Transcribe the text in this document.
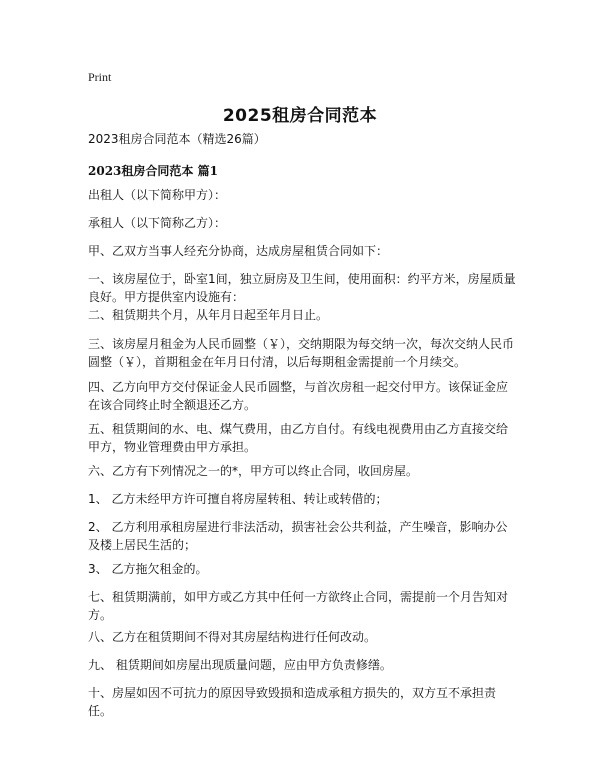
Print
2025租房合同范本
2023租房合同范本（精选26篇）
2023租房合同范本 篇1
出租人（以下简称甲方）：
承租人（以下简称乙方）：
甲、乙双方当事人经充分协商，达成房屋租赁合同如下：
一、该房屋位于，卧室1间，独立厨房及卫生间，使用面积：约平方米，房屋质量良好。甲方提供室内设施有：
二、租赁期共个月，从年月日起至年月日止。
三、该房屋月租金为人民币圆整（￥），交纳期限为每交纳一次，每次交纳人民币圆整（￥），首期租金在年月日付清，以后每期租金需提前一个月续交。
四、乙方向甲方交付保证金人民币圆整，与首次房租一起交付甲方。该保证金应在该合同终止时全额退还乙方。
五、租赁期间的水、电、煤气费用，由乙方自付。有线电视费用由乙方直接交给甲方，物业管理费由甲方承担。
六、乙方有下列情况之一的*，甲方可以终止合同，收回房屋。
1、 乙方未经甲方许可擅自将房屋转租、转让或转借的；
2、 乙方利用承租房屋进行非法活动，损害社会公共利益，产生噪音，影响办公及楼上居民生活的；
3、 乙方拖欠租金的。
七、租赁期满前，如甲方或乙方其中任何一方欲终止合同，需提前一个月告知对方。
八、乙方在租赁期间不得对其房屋结构进行任何改动。
九、 租赁期间如房屋出现质量问题，应由甲方负责修缮。
十、房屋如因不可抗力的原因导致毁损和造成承租方损失的，双方互不承担责任。
